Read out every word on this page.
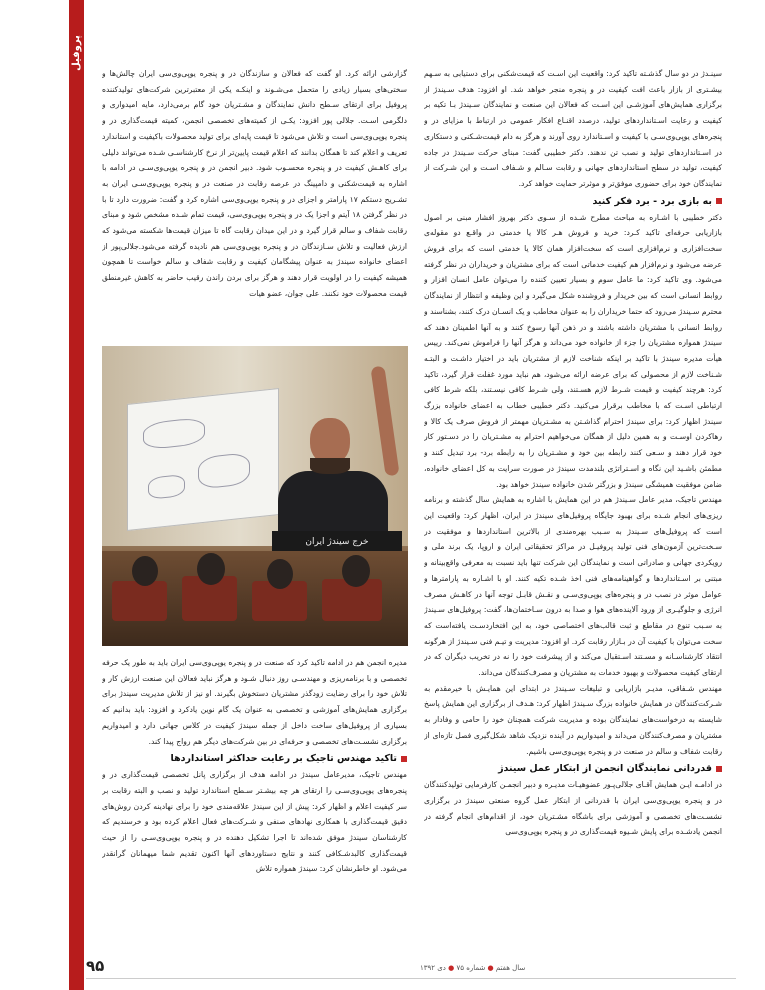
پروفیل

سینـدژ در دو سال گذشـته تاکید کرد: واقعیت این اسـت که قیمت‌شکنی برای دستیابی به سـهم بیشـتری از بازار باعث افت کیفیت در و پنجره منجر خواهد شد. او افزود: هدف سـیندژ از برگزاری همایش‌های آموزشـی این اسـت که فعالان این صنعت و نمایندگان سـیندژ بـا تکیه بر کیفیت و رعایت اسـتانداردهای تولید، درصدد اقنـاع افکار عمومی در ارتباط با مزایای در و پنجره‌های یوپی‌وی‌سـی با کیفیت و اسـتاندارد روی آورند و هرگز به دام قیمت‌شـکنی و دستکاری در اسـتانداردهای تولید و نصب تن ندهند. دکتر خطیبی گفت: مبنای حرکت سـیندژ در جاده کیفیت، تولید در سطح استانداردهای جهانی و رقابت سـالم و شـفاف اسـت و این شـرکت از نمایندگان خود برای حضوری موفق‌تر و موثرتر حمایت خواهد کرد.

به بازی برد - برد فکر کنید

دکتر خطیبی با اشـاره به مباحث مطرح شـده از سـوی دکتر بهروز افشار مبنی بر اصول بازاریابی حرفه‌ای تاکید کـرد: خرید و فروش هـر کالا یا خدمتی در واقـع دو مقوله‌ی سخت‌افزاری و نرم‌افزاری است که سخت‌افزار همان کالا یا خدمتی است که برای فروش عرضه می‌شود و نرم‌افزار هم کیفیت خدماتی است که برای مشتریان و خریداران در نظر گرفته می‌شود. وی تاکید کرد: ما عامل سوم و بسیار تعیین کننده را می‌توان عامل انسان افزار و روابط انسانی است که بین خریدار و فروشنده شکل می‌گیرد و این وظیفه و انتظار از نمایندگان محترم سـیندژ می‌رود که حتما خریداران را به عنوان مخاطب و یک انسـان درک کنند، بشناسند و روابط انسانی با مشتریان داشته باشند و در ذهن آنها رسوخ کنند و به آنها اطمینان دهند که سیندژ همواره مشتریان را جزء از خانواده خود می‌داند و هرگز آنها را فراموش نمی‌کند. رییس هیأت مدیره سیندژ با تاکید بر اینکه شناخت لازم از مشتریان باید در اختیار داشـت و البتـه شـناخت لازم از محصولی که برای عرضه ارائه می‌شود، هم نباید مورد غفلت قرار گیرد، تاکید کرد: هرچند کیفیت و قیمت شـرط لازم هسـتند، ولی شـرط کافی نیسـتند، بلکه شرط کافی ارتباطی اسـت که با مخاطب برقرار می‌کنید. دکتر خطیبی خطاب به اعضای خانواده بزرگ سیندژ اظهار کرد: برای سیندژ احترام گذاشـتن به مشـتریان مهمتر از فروش صرف یک کالا و رهاکردن اوسـت و به همین دلیل از همگان می‌خواهیم احترام به مشـتریان را در دسـتور کار خود قرار دهند و سـعی کنند رابطه بین خود و مشـتریان را به رابطه برد- برد تبدیل کنند و مطمئن باشـید این نگاه و اسـتراتژی بلندمدت سیندژ در صورت سرایت به کل اعضای خانواده، ضامن موفقیت همیشگی سیندژ و بزرگتر شدن خانواده سیندژ خواهد بود.

مهندس تاجیک، مدیر عامل سـیندژ هم در این همایش با اشاره به همایش سال گذشته و برنامه ریزی‌های انجام شـده برای بهبود جایگاه پروفیل‌های سیندژ در ایران، اظهار کرد: واقعیت این است که پروفیل‌های سـیندژ به سـبب بهره‌مندی از بالاترین استانداردها و موفقیت در سـخت‌ترین آزمون‌های فنی تولید پروفیـل در مراکز تحقیقاتی ایران و اروپا، یک برند ملی و رویکردی جهانی و صادراتی است و نمایندگان این شرکت تنها باید نسبت به معرفی واقع‌بینانه و مبتنی بر اسـتانداردها و گواهینامه‌های فنی اخذ شـده تکیه کنند. او با اشـاره به پارامترها و عوامل موثر در نصب در و پنجره‌های یوپی‌وی‌سـی و نقـش قابـل توجه آنها در کاهـش مصرف انرژی و جلوگیـری از ورود آلاینده‌های هوا و صدا به درون سـاختمان‌ها، گفت: پروفیل‌های سـیندژ به سـبب تنوع در مقاطع و ثبت قالب‌های اختصاصی خود، به این افتخاردسـت یافته‌است که سخت می‌توان با کیفیت آن در بـازار رقابت کرد. او افزود: مدیریت و تیـم فنی سـیندژ از هرگونه انتقاد کارشناسـانه و مسـتند اسـتقبال می‌کند و از پیشرفت خود را نه در تخریب دیگران که در ارتقای کیفیت محصولات و بهبود خدمات به مشتریان و مصرف‌کنندگان می‌داند.

مهندس شـفاقی، مدیـر بازاریابی و تبلیغات سـیندژ در ابتدای این همایـش با خیرمقدم به شـرکت‌کنندگان در همایش خانواده بزرگ سـیندژ اظهار کرد: هـدف از برگزاری این همایش پاسخ شایسته به درخواست‌های نمایندگان بوده و مدیریت شرکت همچنان خود را حامی و وفادار به مشتریان و مصرف‌کنندگان می‌داند و امیدواریم در آینده نزدیک شاهد شکل‌گیری فصل تازه‌ای از رقابت شفاف و سالم در صنعت در و پنجره یوپی‌وی‌سی باشیم.

قدردانی نمایندگان انجمن از ابتکار عمل سیندژ

در ادامـه ایـن همایش آقـای جلالی‌پـور عضوهیـات مدیـره و دبیر انجمـن کارفرمایی تولیدکنندگان در و پنجره یوپی‌وی‌سی ایران با قدردانی از ابتکار عمل گروه صنعتی سیندژ در برگزاری نشسـت‌های تخصصی و آموزشی برای باشگاه مشـتریان خود، از اقدام‌های انجام گرفته در انجمن یادشـده برای پایش شـیوه قیمت‌گذاری در و پنجره یوپی‌وی‌سی

گزارشی ارائه کرد. او گفت که فعالان و سازندگان در و پنجره یوپی‌وی‌سی ایران چالش‌ها و سختی‌های بسیار زیادی را متحمل می‌شـوند و اینکـه یکی از معتبرترین شرکت‌های تولیدکننده پروفیل برای ارتقای سـطح دانش نمایندگان و مشـتریان خود گام برمی‌دارد، مایه امیدواری و دلگرمی اسـت. جلالی پور افزود: یکـی از کمیته‌های تخصصی انجمن، کمیته قیمت‌گذاری در و پنجره یوپی‌وی‌سی است و تلاش می‌شود تا قیمت پایه‌ای برای تولید محصولات باکیفیت و استاندارد تعریف و اعلام کند تا همگان بدانند که اعلام قیمت پایین‌تر از نرخ کارشناسـی شـده می‌تواند دلیلی برای کاهـش کیفیت در و پنجره محسـوب شود. دبیر انجمن در و پنجره یوپی‌وی‌سـی در ادامه با اشاره به قیمت‌شکنی و دامپینگ در عرصه رقابت در صنعت در و پنجره یوپی‌وی‌سـی ایران به تشـریح دستکم ۱۷ پارامتر و اجزای در و پنجره یوپی‌وی‌سی اشاره کرد و گفت: ضرورت دارد تا با در نظر گرفتن ۱۸ آیتم و اجزا یک در و پنجره یوپی‌وی‌سی، قیمت تمام شـده مشخص شود و مبنای رقابت شفاف و سالم قرار گیرد و در این میدان رقابت گاه تا میزان قیمت‌ها شکسته می‌شود که ارزش فعالیت و تلاش سـازندگان در و پنجره یوپی‌وی‌سی هم نادیده گرفته می‌شود.جلالی‌پور از اعضای خانواده سیندژ به عنوان پیشگامان کیفیت و رقابت شفاف و سالم خواست تا همچون همیشه کیفیت را در اولویت قرار دهند و هرگز برای بردن راندن رقیب حاضر به کاهش غیرمنطق قیمت محصولات خود نکنند. علی جوان، عضو هیات

خرج سیندژ ایران

مدیره انجمن هم در ادامه تاکید کرد که صنعت در و پنجره یوپی‌وی‌سی ایران باید به طور یک حرفه تخصصی و با برنامه‌ریزی و مهندسـی روز دنبال شـود و هرگز نباید فعالان این صنعت ارزش کار و تلاش خود را برای رضایت زودگذر مشتریان دستخوش بگیرند. او نیز از تلاش مدیریت سیندژ برای برگزاری همایش‌های آموزشی و تخصصی به عنوان یک گام نوین یادکرد و افزود: باید بدانیم که بسیاری از پروفیل‌های ساخت داخل از جمله سیندژ کیفیت در کلاس جهانی دارد و امیدواریم برگزاری نشسـت‌های تخصصی و حرفه‌ای در بین شرکت‌های دیگر هم رواج پیدا کند.

تاکید مهندس تاجیک بر رعایت حداکثر استانداردها

مهندس تاجیک، مدیرعامل سیندژ در ادامه هدف از برگزاری پانل تخصصی قیمت‌گذاری در و پنجره‌های یوپی‌وی‌سـی را ارتقای هر چه بیشـتر سـطح استاندارد تولید و نصب و البته رقابت بر سر کیفیت اعلام و اظهار کرد: پیش از این سیندژ علاقه‌مندی خود را برای نهادینه کردن روش‌های دقیق قیمت‌گذاری با همکاری نهادهای صنفی و شـرکت‌های فعال اعلام کرده بود و خرسندیم که کارشناسان سیندژ موفق شده‌اند تا اجرا تشکیل دهنده در و پنجره یوپی‌وی‌سـی را از حیث قیمت‌گذاری کالبدشـکافی کنند و نتایج دستاوردهای آنها اکنون تقدیم شما میهمانان گرانقدر می‌شود. او خاطرنشان کرد: سیندژ همواره تلاش

۹۵	سال هفتم ● شماره ۷۵ ● دی ۱۳۹۲
